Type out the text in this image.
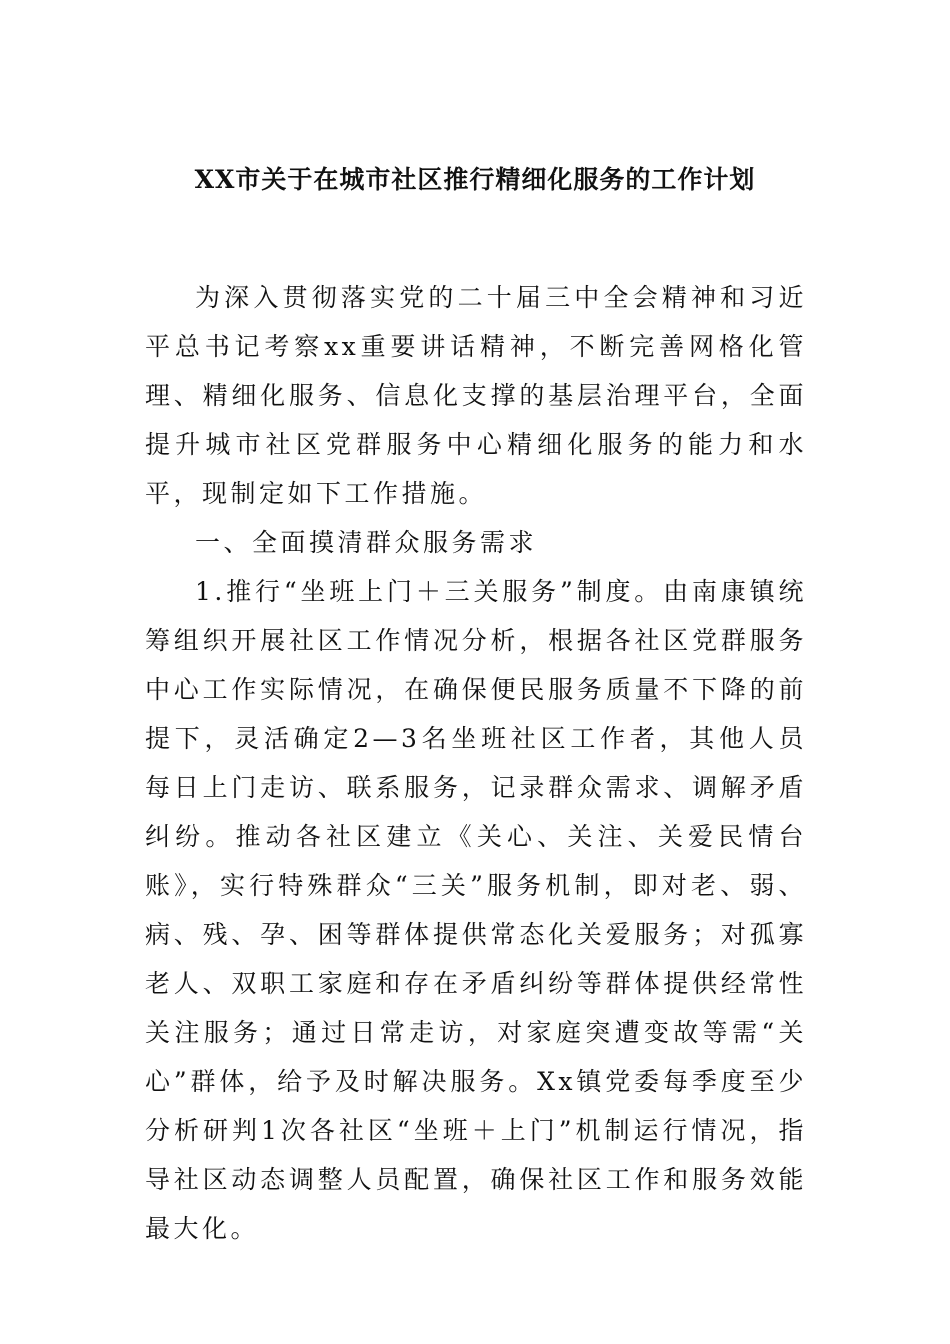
XX市关于在城市社区推行精细化服务的工作计划

为深入贯彻落实党的二十届三中全会精神和习近平总书记考察xx重要讲话精神，不断完善网格化管理、精细化服务、信息化支撑的基层治理平台，全面提升城市社区党群服务中心精细化服务的能力和水平，现制定如下工作措施。

一、全面摸清群众服务需求

1.推行“坐班上门＋三关服务”制度。由南康镇统筹组织开展社区工作情况分析，根据各社区党群服务中心工作实际情况，在确保便民服务质量不下降的前提下，灵活确定2—3名坐班社区工作者，其他人员每日上门走访、联系服务，记录群众需求、调解矛盾纠纷。推动各社区建立《关心、关注、关爱民情台账》，实行特殊群众“三关”服务机制，即对老、弱、病、残、孕、困等群体提供常态化关爱服务；对孤寡老人、双职工家庭和存在矛盾纠纷等群体提供经常性关注服务；通过日常走访，对家庭突遭变故等需“关心”群体，给予及时解决服务。Xx镇党委每季度至少分析研判1次各社区“坐班＋上门”机制运行情况，指导社区动态调整人员配置，确保社区工作和服务效能最大化。
